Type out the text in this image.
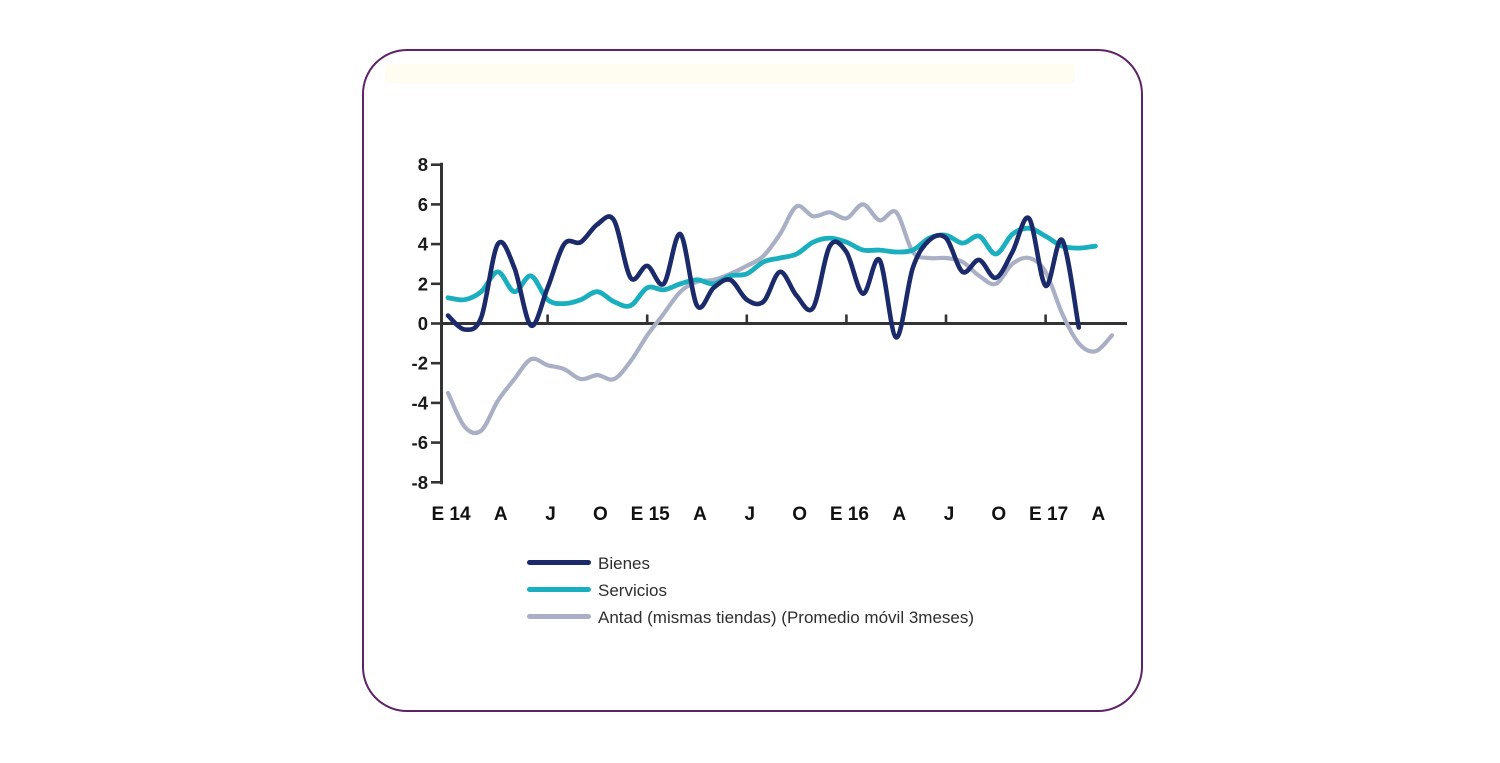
8
6
4
2
0
-2
-4
-6
-8
E 14 A J O E 15 A J O E 16 A J O E 17 A
Bienes
Servicios
Antad (mismas tiendas) (Promedio móvil 3meses)
